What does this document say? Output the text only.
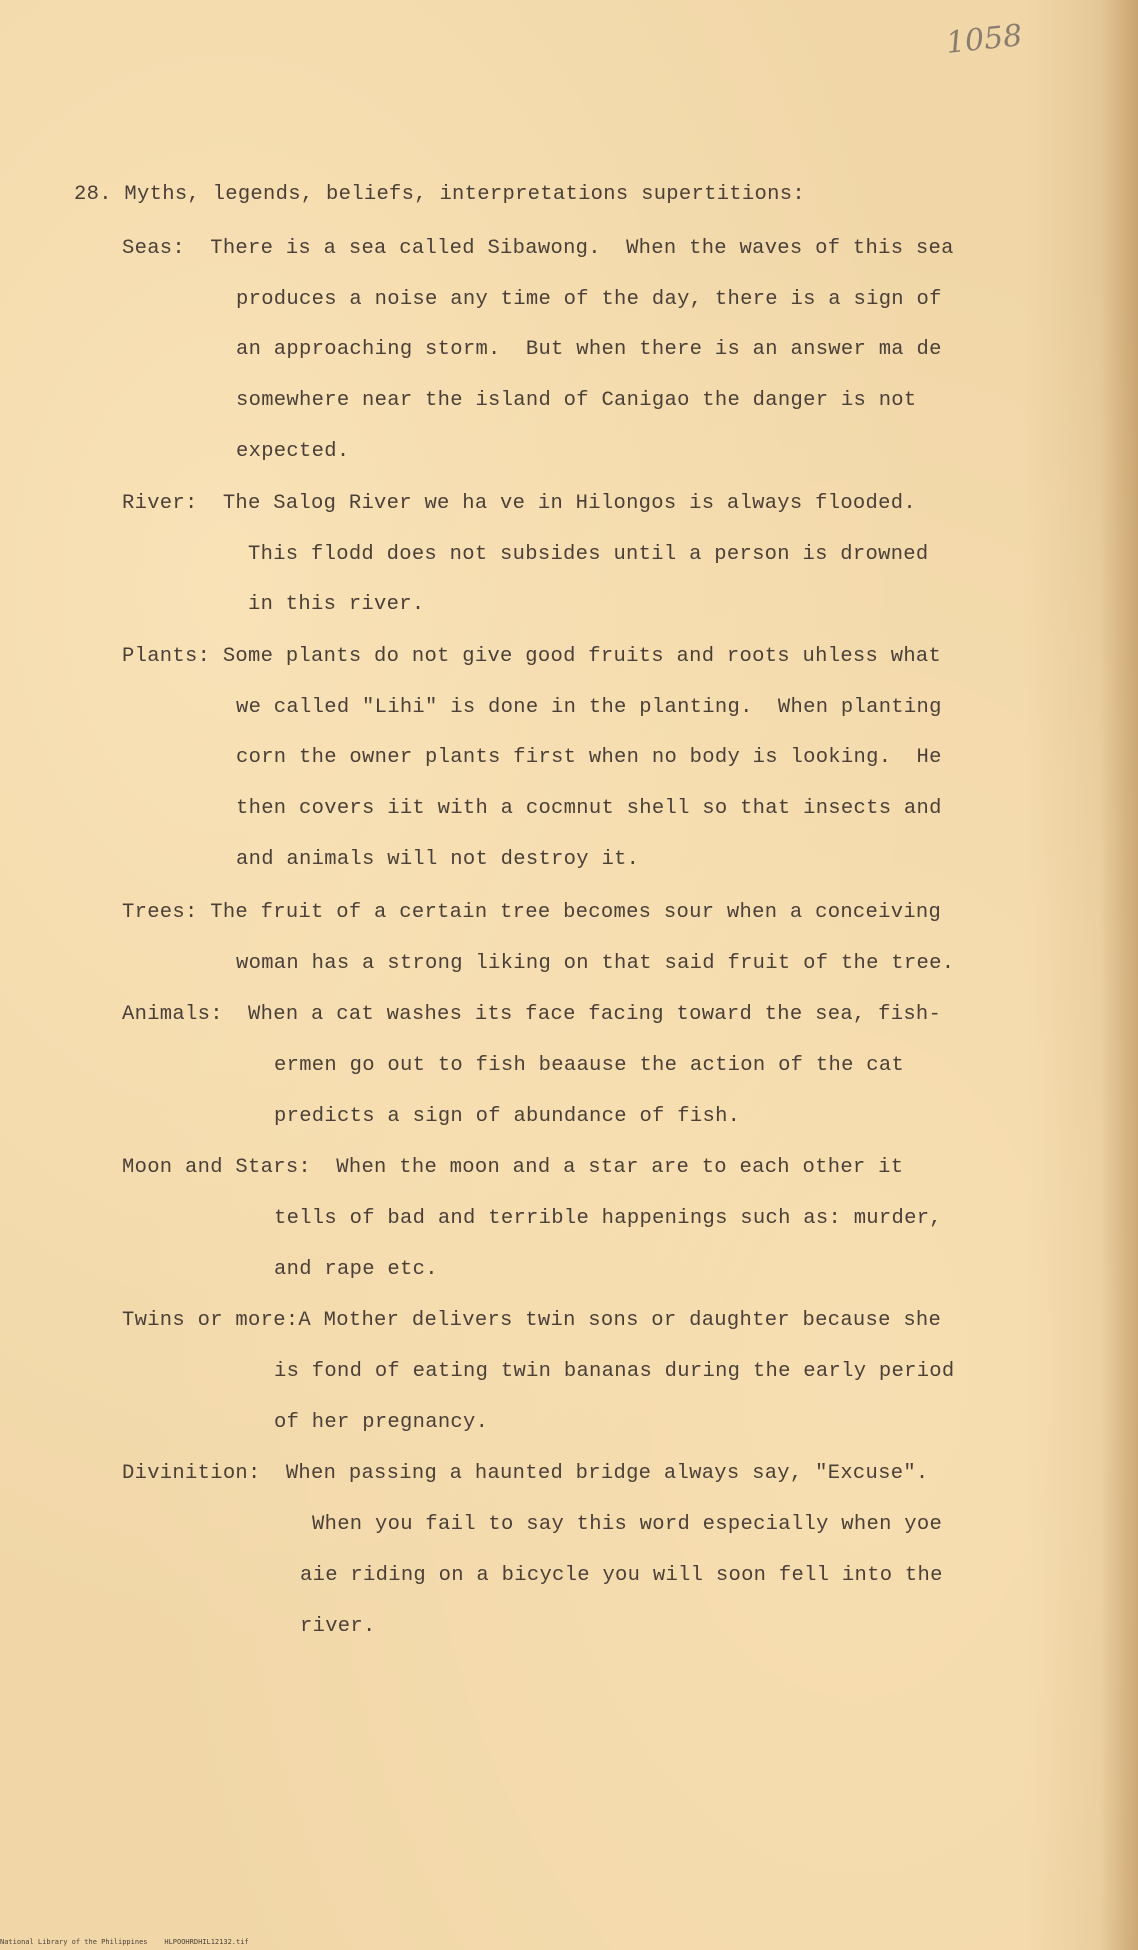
1058
28. Myths, legends, beliefs, interpretations supertitions:
Seas:  There is a sea called Sibawong.  When the waves of this sea
produces a noise any time of the day, there is a sign of
an approaching storm.  But when there is an answer ma de
somewhere near the island of Canigao the danger is not
expected.
River:  The Salog River we ha ve in Hilongos is always flooded.
This flodd does not subsides until a person is drowned
in this river.
Plants: Some plants do not give good fruits and roots uhless what
we called "Lihi" is done in the planting.  When planting
corn the owner plants first when no body is looking.  He
then covers iit with a cocmnut shell so that insects and
and animals will not destroy it.
Trees: The fruit of a certain tree becomes sour when a conceiving
woman has a strong liking on that said fruit of the tree.
Animals:  When a cat washes its face facing toward the sea, fish-
ermen go out to fish beaause the action of the cat
predicts a sign of abundance of fish.
Moon and Stars:  When the moon and a star are to each other it
tells of bad and terrible happenings such as: murder,
and rape etc.
Twins or more:A Mother delivers twin sons or daughter because she
is fond of eating twin bananas during the early period
of her pregnancy.
Divinition:  When passing a haunted bridge always say, "Excuse".
When you fail to say this word especially when yoe
aie riding on a bicycle you will soon fell into the
river.
National Library of the Philippines    HLPOOHRDHIL12132.tif
